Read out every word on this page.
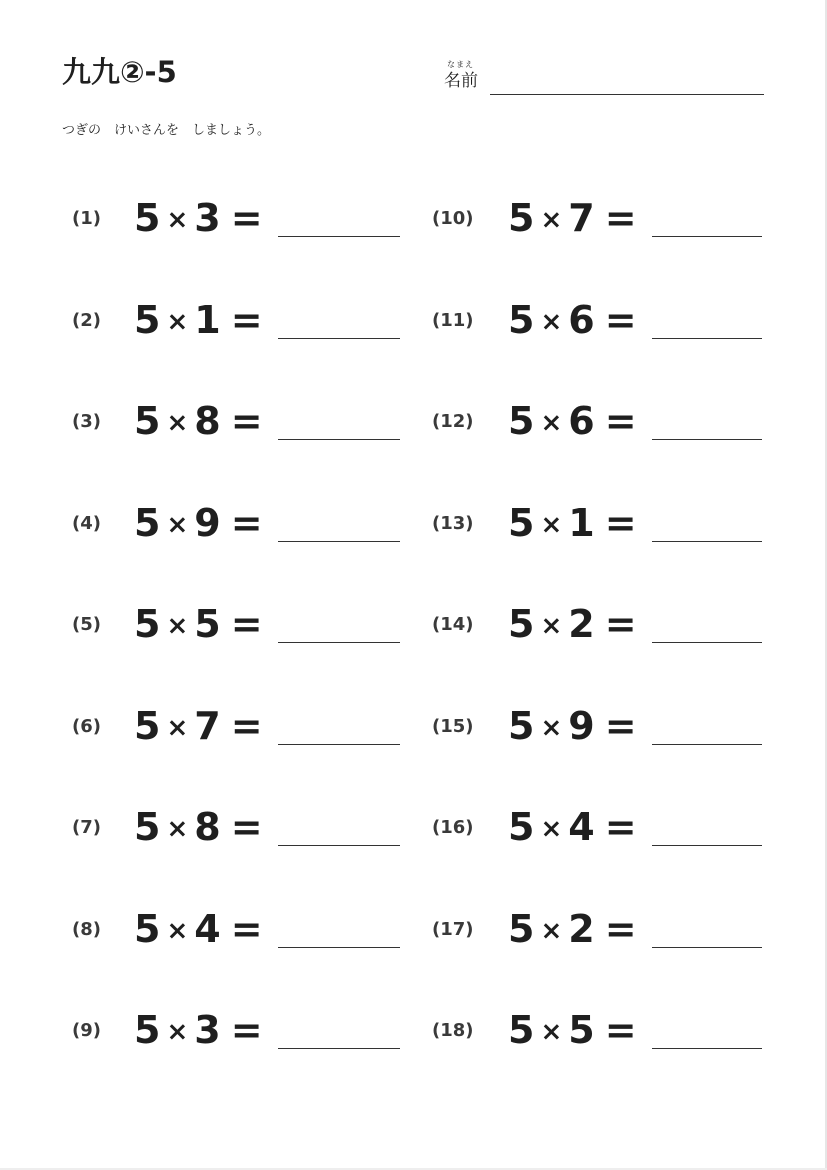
九九②-5	なまえ
名前
つぎの　けいさんを　しましょう。
(1) 5 × 3 =
(2) 5 × 1 =
(3) 5 × 8 =
(4) 5 × 9 =
(5) 5 × 5 =
(6) 5 × 7 =
(7) 5 × 8 =
(8) 5 × 4 =
(9) 5 × 3 =
(10) 5 × 7 =
(11) 5 × 6 =
(12) 5 × 6 =
(13) 5 × 1 =
(14) 5 × 2 =
(15) 5 × 9 =
(16) 5 × 4 =
(17) 5 × 2 =
(18) 5 × 5 =
